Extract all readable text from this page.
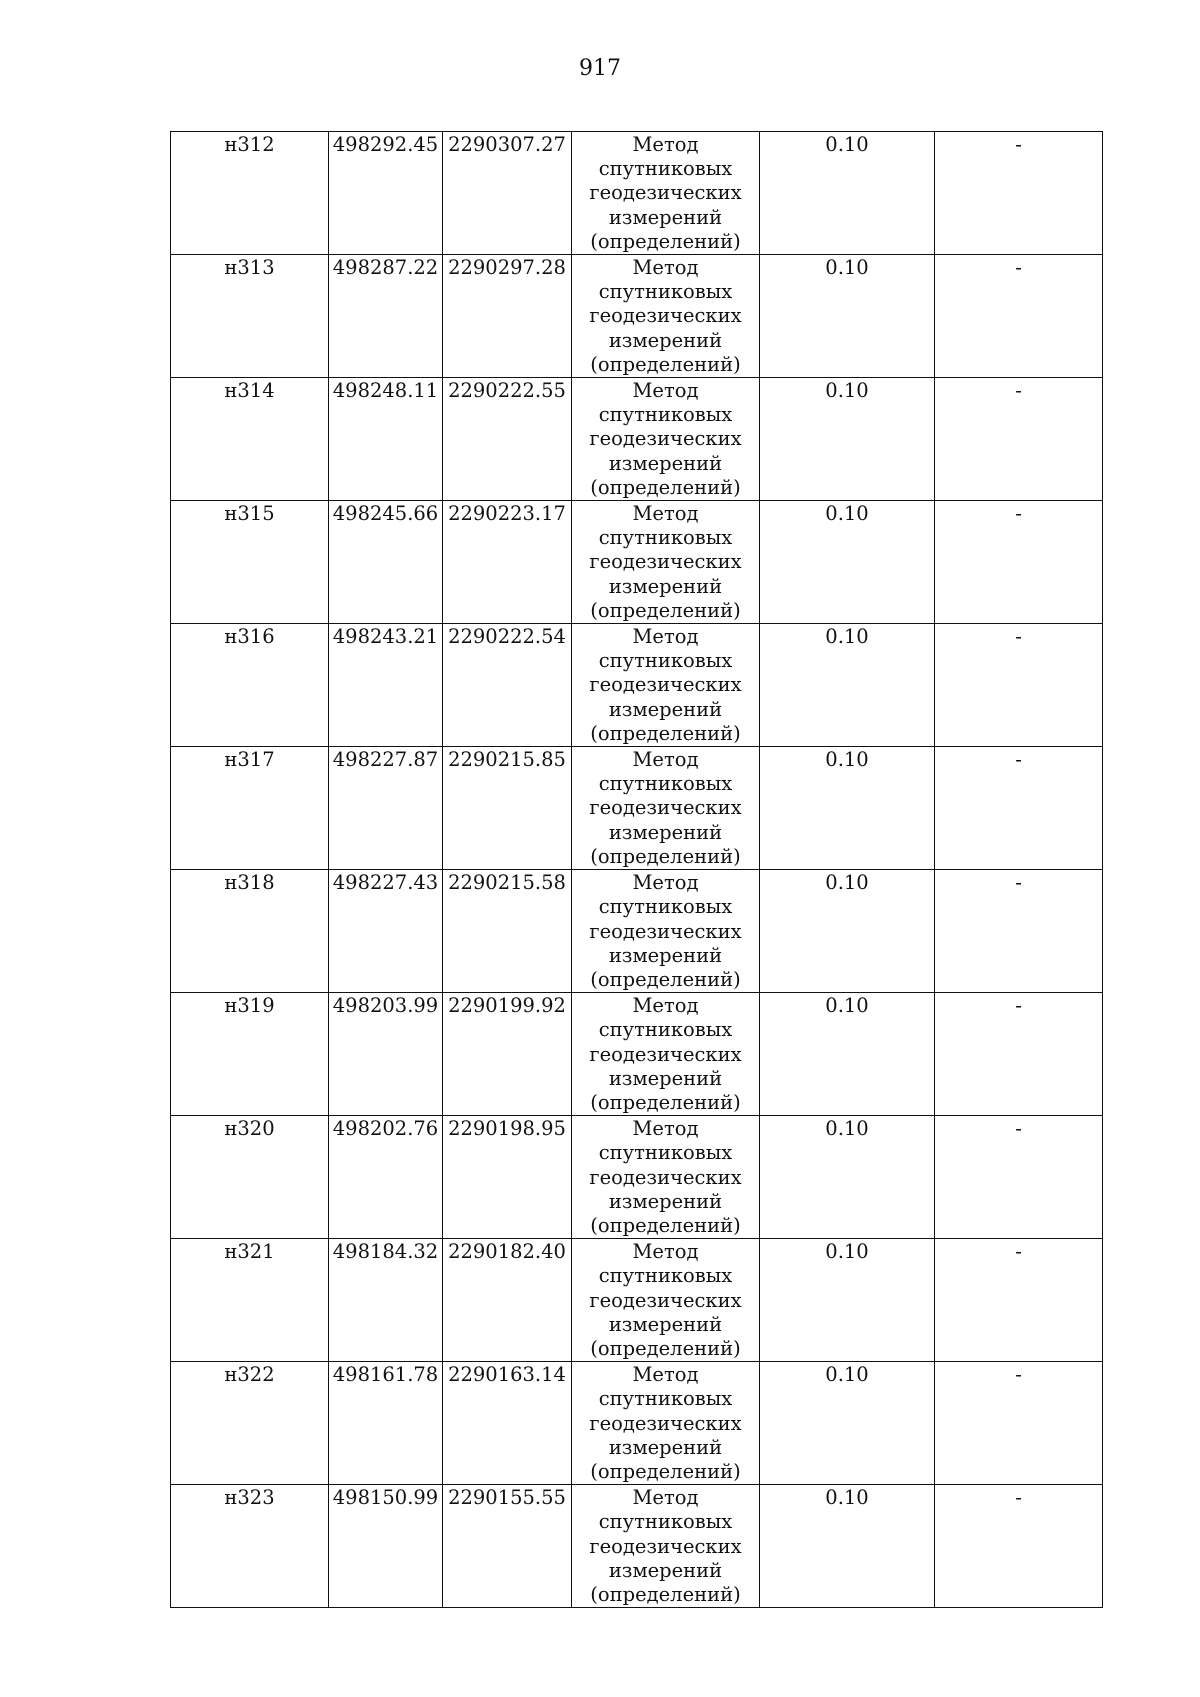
917
н312	498292.45	2290307.27	Метод спутниковых геодезических измерений (определений)	0.10	-
н313	498287.22	2290297.28	Метод спутниковых геодезических измерений (определений)	0.10	-
н314	498248.11	2290222.55	Метод спутниковых геодезических измерений (определений)	0.10	-
н315	498245.66	2290223.17	Метод спутниковых геодезических измерений (определений)	0.10	-
н316	498243.21	2290222.54	Метод спутниковых геодезических измерений (определений)	0.10	-
н317	498227.87	2290215.85	Метод спутниковых геодезических измерений (определений)	0.10	-
н318	498227.43	2290215.58	Метод спутниковых геодезических измерений (определений)	0.10	-
н319	498203.99	2290199.92	Метод спутниковых геодезических измерений (определений)	0.10	-
н320	498202.76	2290198.95	Метод спутниковых геодезических измерений (определений)	0.10	-
н321	498184.32	2290182.40	Метод спутниковых геодезических измерений (определений)	0.10	-
н322	498161.78	2290163.14	Метод спутниковых геодезических измерений (определений)	0.10	-
н323	498150.99	2290155.55	Метод спутниковых геодезических измерений (определений)	0.10	-
